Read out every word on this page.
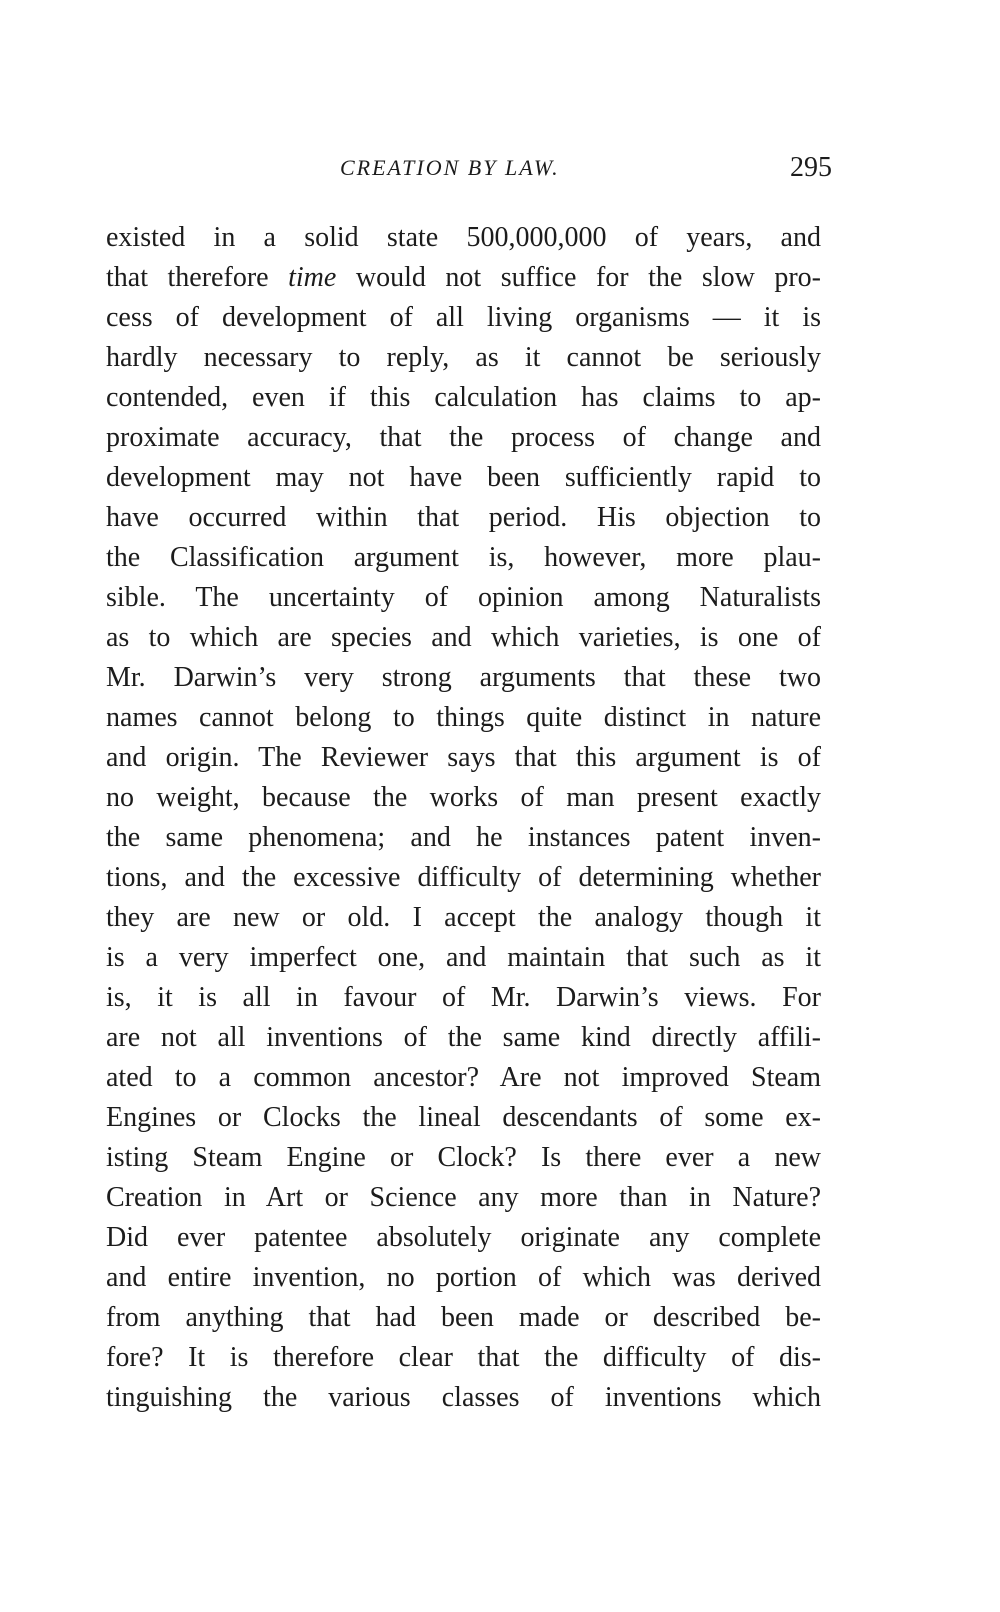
CREATION BY LAW.	295
existed in a solid state 500,000,000 of years, and
that therefore time would not suffice for the slow pro-
cess of development of all living organisms — it is
hardly necessary to reply, as it cannot be seriously
contended, even if this calculation has claims to ap-
proximate accuracy, that the process of change and
development may not have been sufficiently rapid to
have occurred within that period. His objection to
the Classification argument is, however, more plau-
sible. The uncertainty of opinion among Naturalists
as to which are species and which varieties, is one of
Mr. Darwin’s very strong arguments that these two
names cannot belong to things quite distinct in nature
and origin. The Reviewer says that this argument is of
no weight, because the works of man present exactly
the same phenomena; and he instances patent inven-
tions, and the excessive difficulty of determining whether
they are new or old. I accept the analogy though it
is a very imperfect one, and maintain that such as it
is, it is all in favour of Mr. Darwin’s views. For
are not all inventions of the same kind directly affili-
ated to a common ancestor? Are not improved Steam
Engines or Clocks the lineal descendants of some ex-
isting Steam Engine or Clock? Is there ever a new
Creation in Art or Science any more than in Nature?
Did ever patentee absolutely originate any complete
and entire invention, no portion of which was derived
from anything that had been made or described be-
fore? It is therefore clear that the difficulty of dis-
tinguishing the various classes of inventions which
